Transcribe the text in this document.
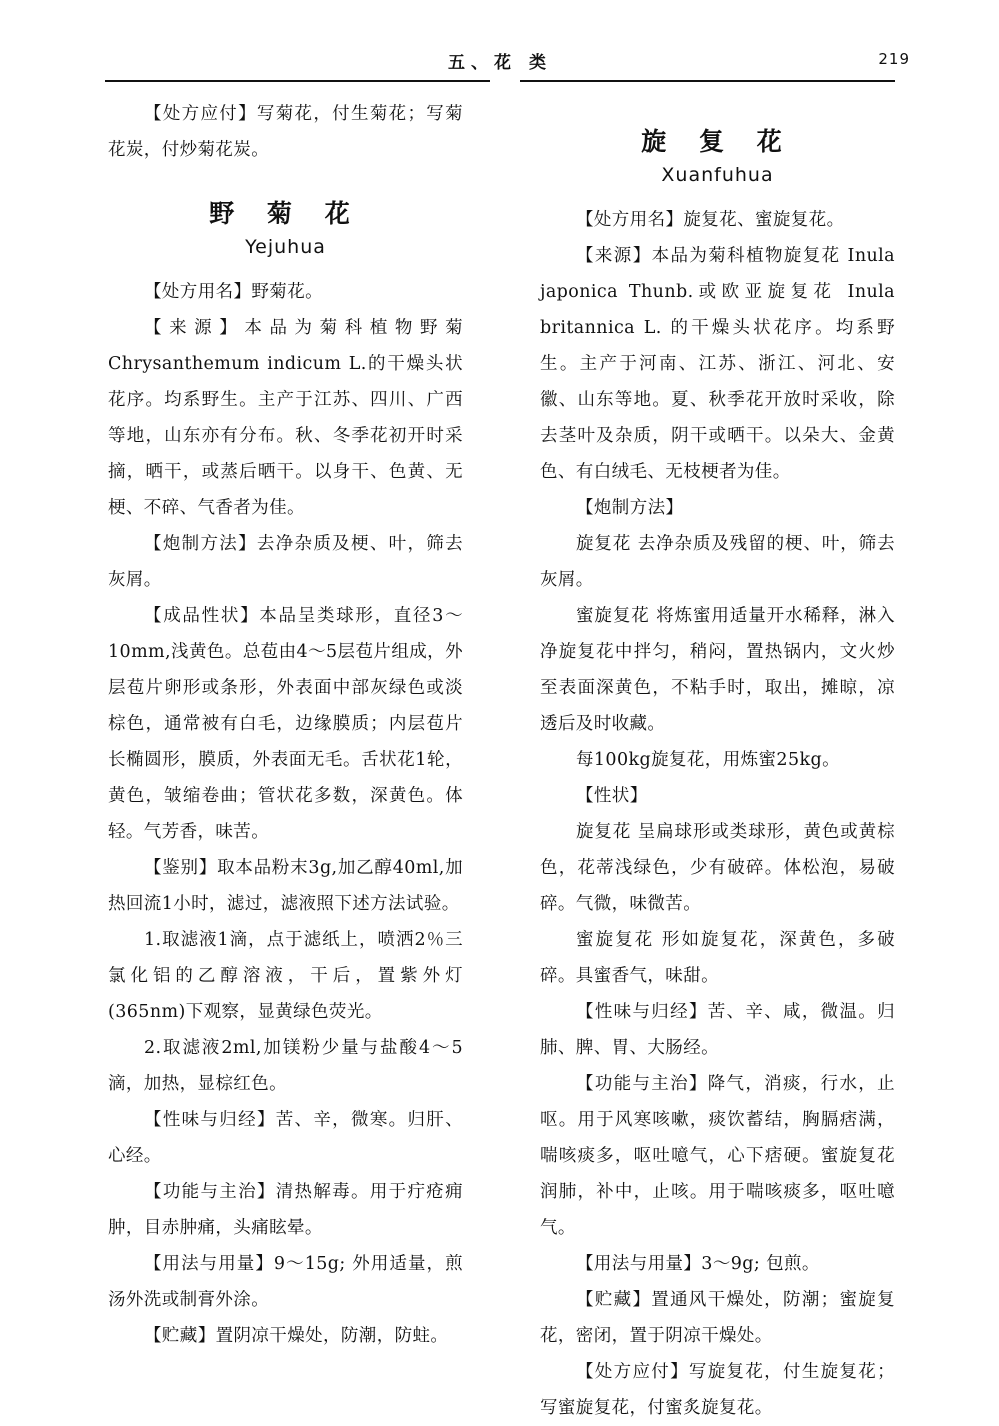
五、花 类	219

【处方应付】写菊花，付生菊花；写菊花炭，付炒菊花炭。

野 菊 花
Yejuhua

【处方用名】野菊花。

【来源】本品为菊科植物野菊 Chrysanthemum indicum L.的干燥头状花序。均系野生。主产于江苏、四川、广西等地，山东亦有分布。秋、冬季花初开时采摘，晒干，或蒸后晒干。以身干、色黄、无梗、不碎、气香者为佳。

【炮制方法】去净杂质及梗、叶，筛去灰屑。

【成品性状】本品呈类球形，直径3～10mm,浅黄色。总苞由4～5层苞片组成，外层苞片卵形或条形，外表面中部灰绿色或淡棕色，通常被有白毛，边缘膜质；内层苞片长椭圆形，膜质，外表面无毛。舌状花1轮，黄色，皱缩卷曲；管状花多数，深黄色。体轻。气芳香，味苦。

【鉴别】取本品粉末3g,加乙醇40ml,加热回流1小时，滤过，滤液照下述方法试验。

1.取滤液1滴，点于滤纸上，喷洒2％三氯化铝的乙醇溶液，干后，置紫外灯(365nm)下观察，显黄绿色荧光。

2.取滤液2ml,加镁粉少量与盐酸4～5滴，加热，显棕红色。

【性味与归经】苦、辛，微寒。归肝、心经。

【功能与主治】清热解毒。用于疔疮痈肿，目赤肿痛，头痛眩晕。

【用法与用量】9～15g; 外用适量，煎汤外洗或制膏外涂。

【贮藏】置阴凉干燥处，防潮，防蛀。

旋 复 花
Xuanfuhua

【处方用名】旋复花、蜜旋复花。

【来源】本品为菊科植物旋复花 Inula japonica Thunb.或欧亚旋复花 Inula britannica L. 的干燥头状花序。均系野生。主产于河南、江苏、浙江、河北、安徽、山东等地。夏、秋季花开放时采收，除去茎叶及杂质，阴干或晒干。以朵大、金黄色、有白绒毛、无枝梗者为佳。

【炮制方法】

旋复花 去净杂质及残留的梗、叶，筛去灰屑。

蜜旋复花 将炼蜜用适量开水稀释，淋入净旋复花中拌匀，稍闷，置热锅内，文火炒至表面深黄色，不粘手时，取出，摊晾，凉透后及时收藏。

每100kg旋复花，用炼蜜25kg。

【性状】

旋复花 呈扁球形或类球形，黄色或黄棕色，花蒂浅绿色，少有破碎。体松泡，易破碎。气微，味微苦。

蜜旋复花 形如旋复花，深黄色，多破碎。具蜜香气，味甜。

【性味与归经】苦、辛、咸，微温。归肺、脾、胃、大肠经。

【功能与主治】降气，消痰，行水，止呕。用于风寒咳嗽，痰饮蓄结，胸膈痞满，喘咳痰多，呕吐噫气，心下痞硬。蜜旋复花润肺，补中，止咳。用于喘咳痰多，呕吐噫气。

【用法与用量】3～9g; 包煎。

【贮藏】置通风干燥处，防潮；蜜旋复花，密闭，置于阴凉干燥处。

【处方应付】写旋复花，付生旋复花；写蜜旋复花，付蜜炙旋复花。
